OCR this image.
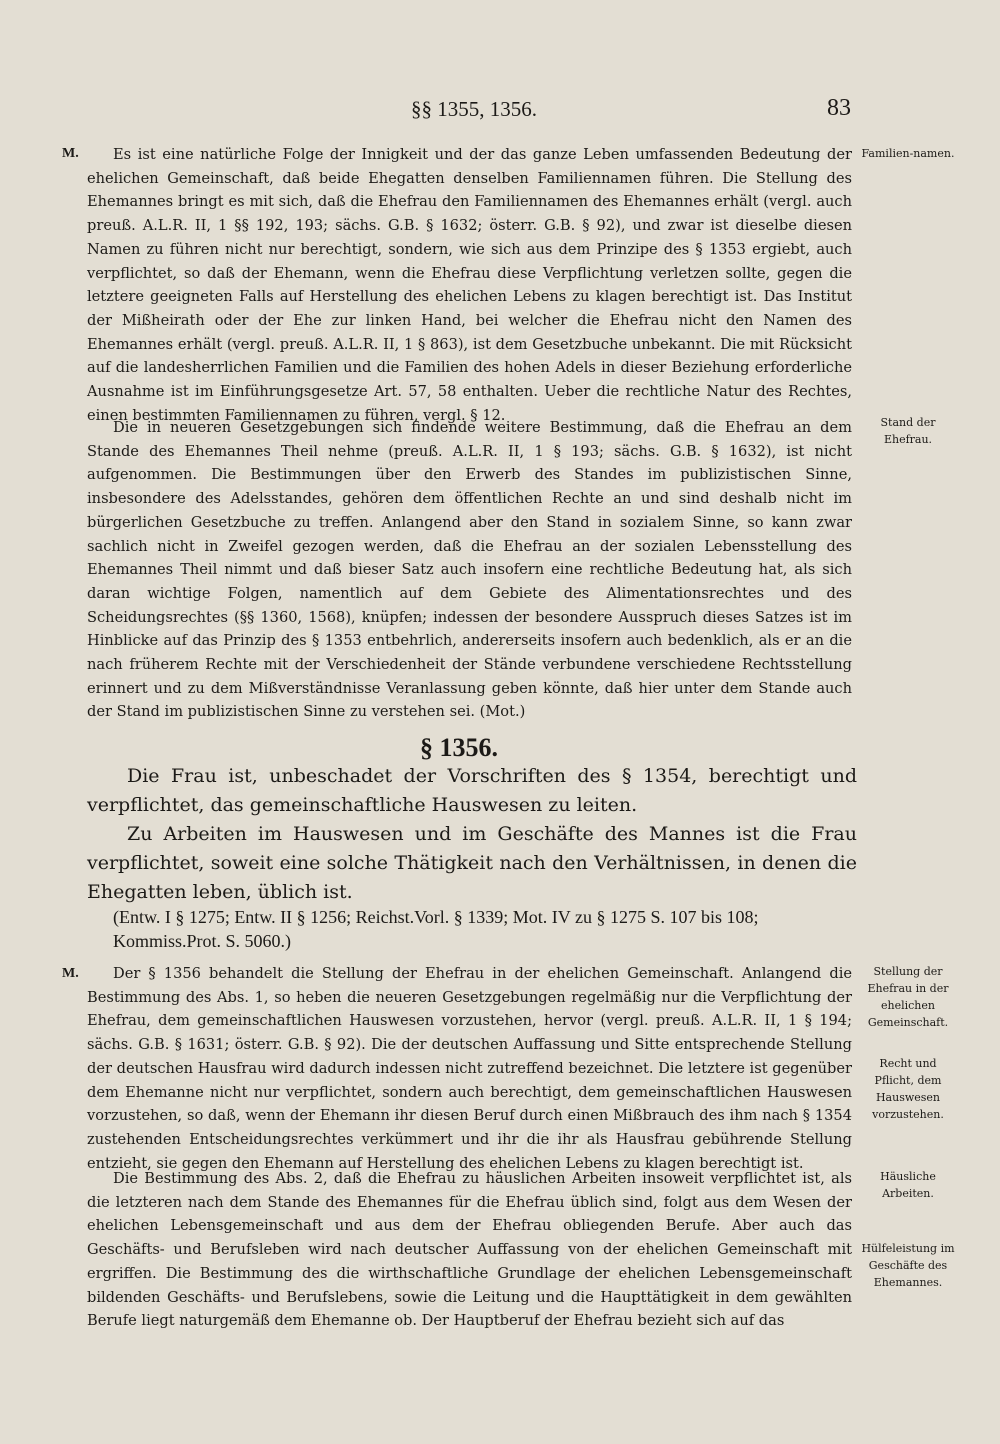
§§ 1355, 1356.	83
M.	Familien-namen.

Es ist eine natürliche Folge der Innigkeit und der das ganze Leben umfassenden Bedeutung der ehelichen Gemeinschaft, daß beide Ehegatten denselben Familiennamen führen. Die Stellung des Ehemannes bringt es mit sich, daß die Ehefrau den Familiennamen des Ehemannes erhält (vergl. auch preuß. A.L.R. II, 1 §§ 192, 193; sächs. G.B. § 1632; österr. G.B. § 92), und zwar ist dieselbe diesen Namen zu führen nicht nur berechtigt, sondern, wie sich aus dem Prinzipe des § 1353 ergiebt, auch verpflichtet, so daß der Ehemann, wenn die Ehefrau diese Verpflichtung verletzen sollte, gegen die letztere geeigneten Falls auf Herstellung des ehelichen Lebens zu klagen berechtigt ist. Das Institut der Mißheirath oder der Ehe zur linken Hand, bei welcher die Ehefrau nicht den Namen des Ehemannes erhält (vergl. preuß. A.L.R. II, 1 § 863), ist dem Gesetzbuche unbekannt. Die mit Rücksicht auf die landesherrlichen Familien und die Familien des hohen Adels in dieser Beziehung erforderliche Ausnahme ist im Einführungsgesetze Art. 57, 58 enthalten. Ueber die rechtliche Natur des Rechtes, einen bestimmten Familiennamen zu führen, vergl. § 12.	Stand der Ehefrau.

Die in neueren Gesetzgebungen sich findende weitere Bestimmung, daß die Ehefrau an dem Stande des Ehemannes Theil nehme (preuß. A.L.R. II, 1 § 193; sächs. G.B. § 1632), ist nicht aufgenommen. Die Bestimmungen über den Erwerb des Standes im publizistischen Sinne, insbesondere des Adelsstandes, gehören dem öffentlichen Rechte an und sind deshalb nicht im bürgerlichen Gesetzbuche zu treffen. Anlangend aber den Stand in sozialem Sinne, so kann zwar sachlich nicht in Zweifel gezogen werden, daß die Ehefrau an der sozialen Lebensstellung des Ehemannes Theil nimmt und daß bieser Satz auch insofern eine rechtliche Bedeutung hat, als sich daran wichtige Folgen, namentlich auf dem Gebiete des Alimentationsrechtes und des Scheidungsrechtes (§§ 1360, 1568), knüpfen; indessen der besondere Ausspruch dieses Satzes ist im Hinblicke auf das Prinzip des § 1353 entbehrlich, andererseits insofern auch bedenklich, als er an die nach früherem Rechte mit der Verschiedenheit der Stände verbundene verschiedene Rechtsstellung erinnert und zu dem Mißverständnisse Veranlassung geben könnte, daß hier unter dem Stande auch der Stand im publizistischen Sinne zu verstehen sei. (Mot.)

§ 1356.

Die Frau ist, unbeschadet der Vorschriften des § 1354, berechtigt und verpflichtet, das gemeinschaftliche Hauswesen zu leiten.

Zu Arbeiten im Hauswesen und im Geschäfte des Mannes ist die Frau verpflichtet, soweit eine solche Thätigkeit nach den Verhältnissen, in denen die Ehegatten leben, üblich ist.

(Entw. I § 1275; Entw. II § 1256; Reichst.Vorl. § 1339; Mot. IV zu § 1275 S. 107 bis 108; Kommiss.Prot. S. 5060.)

M.	Stellung der Ehefrau in der ehelichen Gemeinschaft.
Recht und Pflicht, dem Hauswesen vorzustehen.
Häusliche Arbeiten.
Hülfeleistung im Geschäfte des Ehemannes.

Der § 1356 behandelt die Stellung der Ehefrau in der ehelichen Gemeinschaft. Anlangend die Bestimmung des Abs. 1, so heben die neueren Gesetzgebungen regelmäßig nur die Verpflichtung der Ehefrau, dem gemeinschaftlichen Hauswesen vorzustehen, hervor (vergl. preuß. A.L.R. II, 1 § 194; sächs. G.B. § 1631; österr. G.B. § 92). Die der deutschen Auffassung und Sitte entsprechende Stellung der deutschen Hausfrau wird dadurch indessen nicht zutreffend bezeichnet. Die letztere ist gegenüber dem Ehemanne nicht nur verpflichtet, sondern auch berechtigt, dem gemeinschaftlichen Hauswesen vorzustehen, so daß, wenn der Ehemann ihr diesen Beruf durch einen Mißbrauch des ihm nach § 1354 zustehenden Entscheidungsrechtes verkümmert und ihr die ihr als Hausfrau gebührende Stellung entzieht, sie gegen den Ehemann auf Herstellung des ehelichen Lebens zu klagen berechtigt ist.

Die Bestimmung des Abs. 2, daß die Ehefrau zu häuslichen Arbeiten insoweit verpflichtet ist, als die letzteren nach dem Stande des Ehemannes für die Ehefrau üblich sind, folgt aus dem Wesen der ehelichen Lebensgemeinschaft und aus dem der Ehefrau obliegenden Berufe. Aber auch das Geschäfts- und Berufsleben wird nach deutscher Auffassung von der ehelichen Gemeinschaft mit ergriffen. Die Bestimmung des die wirthschaftliche Grundlage der ehelichen Lebensgemeinschaft bildenden Geschäfts- und Berufslebens, sowie die Leitung und die Haupttätigkeit in dem gewählten Berufe liegt naturgemäß dem Ehemanne ob. Der Hauptberuf der Ehefrau bezieht sich auf das
